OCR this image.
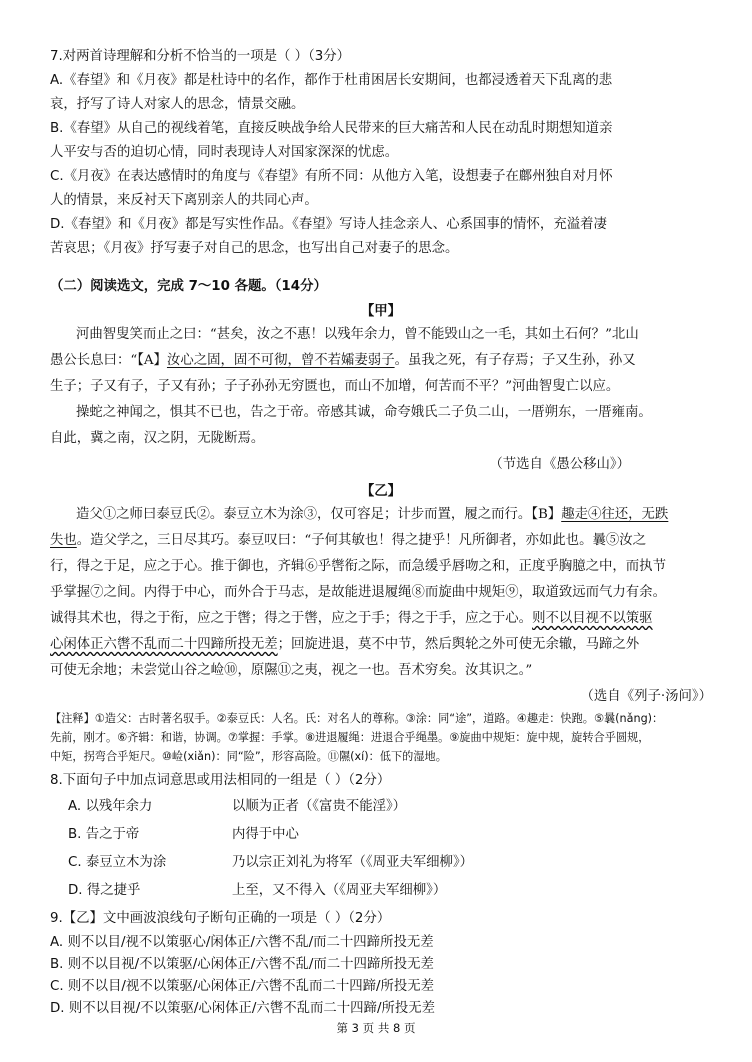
7.对两首诗理解和分析不恰当的一项是（ ）（3分）
A.《春望》和《月夜》都是杜诗中的名作，都作于杜甫困居长安期间，也都浸透着天下乱离的悲
哀，抒写了诗人对家人的思念，情景交融。
B.《春望》从自己的视线着笔，直接反映战争给人民带来的巨大痛苦和人民在动乱时期想知道亲
人平安与否的迫切心情，同时表现诗人对国家深深的忧虑。
C.《月夜》在表达感情时的角度与《春望》有所不同：从他方入笔，设想妻子在鄜州独自对月怀
人的情景，来反衬天下离别亲人的共同心声。
D.《春望》和《月夜》都是写实性作品。《春望》写诗人挂念亲人、心系国事的情怀，充溢着凄
苦哀思；《月夜》抒写妻子对自己的思念，也写出自己对妻子的思念。
（二）阅读选文，完成 7～10 各题。（14分）
【甲】
河曲智叟笑而止之曰：“甚矣，汝之不惠！以残年余力，曾不能毁山之一毛，其如土石何？”北山
愚公长息曰：“【A】汝心之固，固不可彻，曾不若孀妻弱子。虽我之死，有子存焉；子又生孙，孙又
生子；子又有子，子又有孙；子子孙孙无穷匮也，而山不加增，何苦而不平？”河曲智叟亡以应。
操蛇之神闻之，惧其不已也，告之于帝。帝感其诚，命夸娥氏二子负二山，一厝朔东，一厝雍南。
自此，冀之南，汉之阴，无陇断焉。
（节选自《愚公移山》）
【乙】
造父①之师曰泰豆氏②。泰豆立木为涂③，仅可容足；计步而置，履之而行。【B】趣走④往还，无跌
失也。造父学之，三日尽其巧。泰豆叹曰：“子何其敏也！得之捷乎！凡所御者，亦如此也。曩⑤汝之
行，得之于足，应之于心。推于御也，齐辑⑥乎辔衔之际，而急缓乎唇吻之和，正度乎胸臆之中，而执节
乎掌握⑦之间。内得于中心，而外合于马志，是故能进退履绳⑧而旋曲中规矩⑨，取道致远而气力有余。
诚得其术也，得之于衔，应之于辔；得之于辔，应之于手；得之于手，应之于心。则不以目视不以策驱
心闲体正六辔不乱而二十四蹄所投无差；回旋进退，莫不中节，然后舆轮之外可使无余辙，马蹄之外
可使无余地；未尝觉山谷之崄⑩，原隰⑪之夷，视之一也。吾术穷矣。汝其识之。”
（选自《列子·汤问》）
【注释】①造父：古时著名驭手。②泰豆氏：人名。氏：对名人的尊称。③涂：同“途”，道路。④趣走：快跑。⑤曩(nǎng)：
先前，刚才。⑥齐辑：和谐，协调。⑦掌握：手掌。⑧进退履绳：进退合乎绳墨。⑨旋曲中规矩：旋中规，旋转合乎圆规，
中矩，拐弯合乎矩尺。⑩崄(xiǎn)：同“险”，形容高险。⑪隰(xí)：低下的湿地。
8.下面句子中加点词意思或用法相同的一组是（ ）（2分）
A. 以残年余力	以顺为正者（《富贵不能淫》）
B. 告之于帝	内得于中心
C. 泰豆立木为涂	乃以宗正刘礼为将军（《周亚夫军细柳》）
D. 得之捷乎	上至，又不得入（《周亚夫军细柳》）
9.【乙】文中画波浪线句子断句正确的一项是（ ）（2分）
A. 则不以目/视不以策驱心/闲体正/六辔不乱/而二十四蹄所投无差
B. 则不以目视/不以策驱/心闲体正/六辔不乱/而二十四蹄所投无差
C. 则不以目/视不以策驱/心闲体正/六辔不乱而二十四蹄/所投无差
D. 则不以目视/不以策驱/心闲体正/六辔不乱而二十四蹄/所投无差
第 3 页 共 8 页
